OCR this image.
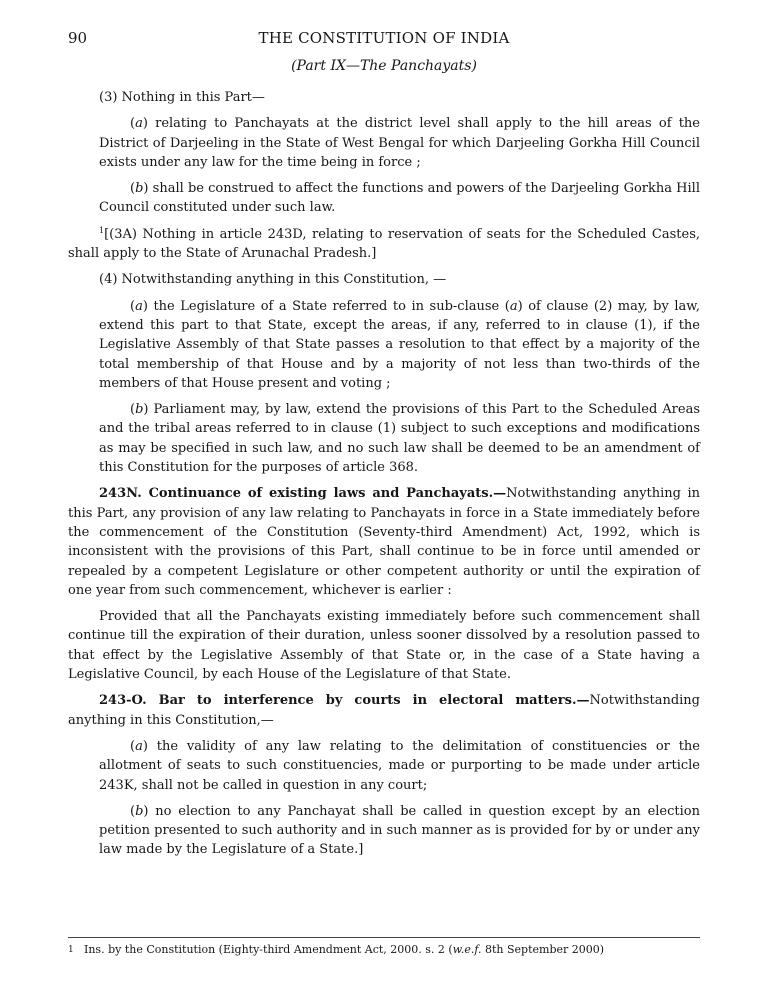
90	THE CONSTITUTION OF INDIA
(Part IX—The Panchayats)

(3) Nothing in this Part—

(a) relating to Panchayats at the district level shall apply to the hill areas of the District of Darjeeling in the State of West Bengal for which Darjeeling Gorkha Hill Council exists under any law for the time being in force ;

(b) shall be construed to affect the functions and powers of the Darjeeling Gorkha Hill Council constituted under such law.

$^1$[(3A) Nothing in article 243D, relating to reservation of seats for the Scheduled Castes, shall apply to the State of Arunachal Pradesh.]

(4) Notwithstanding anything in this Constitution, —

(a) the Legislature of a State referred to in sub-clause (a) of clause (2) may, by law, extend this part to that State, except the areas, if any, referred to in clause (1), if the Legislative Assembly of that State passes a resolution to that effect by a majority of the total membership of that House and by a majority of not less than two-thirds of the members of that House present and voting ;

(b) Parliament may, by law, extend the provisions of this Part to the Scheduled Areas and the tribal areas referred to in clause (1) subject to such exceptions and modifications as may be specified in such law, and no such law shall be deemed to be an amendment of this Constitution for the purposes of article 368.

243N. Continuance of existing laws and Panchayats.—Notwithstanding anything in this Part, any provision of any law relating to Panchayats in force in a State immediately before the commencement of the Constitution (Seventy-third Amendment) Act, 1992, which is inconsistent with the provisions of this Part, shall continue to be in force until amended or repealed by a competent Legislature or other competent authority or until the expiration of one year from such commencement, whichever is earlier :

Provided that all the Panchayats existing immediately before such commencement shall continue till the expiration of their duration, unless sooner dissolved by a resolution passed to that effect by the Legislative Assembly of that State or, in the case of a State having a Legislative Council, by each House of the Legislature of that State.

243-O. Bar to interference by courts in electoral matters.—Notwithstanding anything in this Constitution,—

(a) the validity of any law relating to the delimitation of constituencies or the allotment of seats to such constituencies, made or purporting to be made under article 243K, shall not be called in question in any court;

(b) no election to any Panchayat shall be called in question except by an election petition presented to such authority and in such manner as is provided for by or under any law made by the Legislature of a State.]

1 Ins. by the Constitution (Eighty-third Amendment Act, 2000. s. 2 (w.e.f. 8th September 2000)
